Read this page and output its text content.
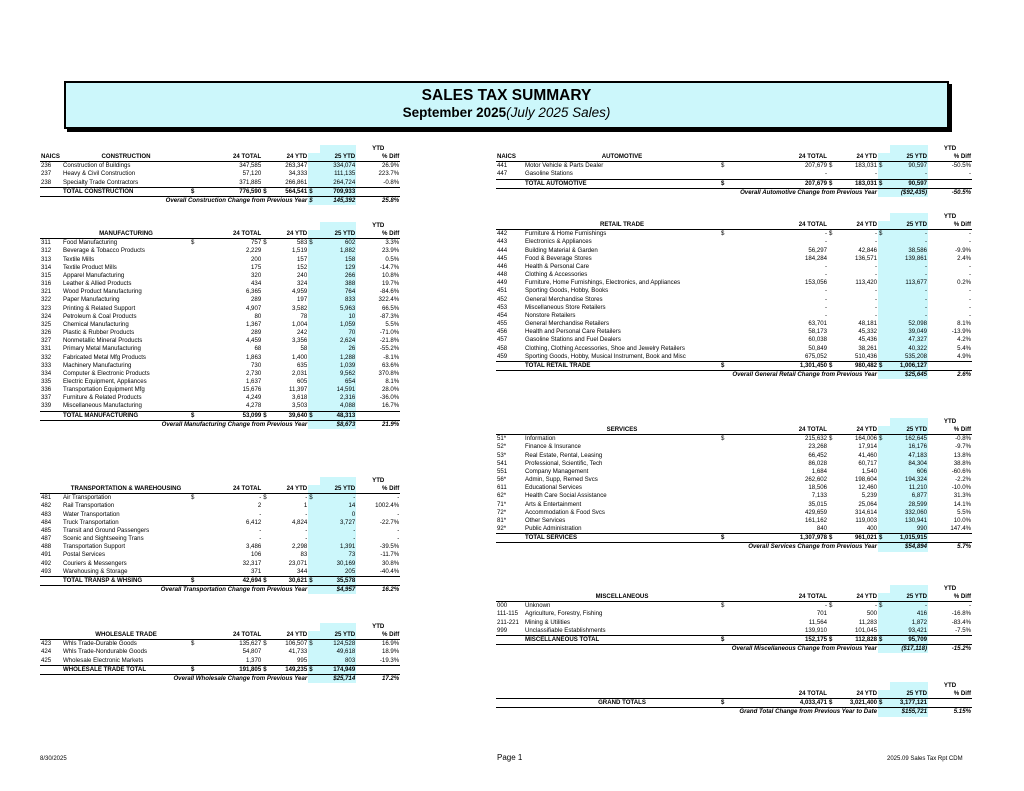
SALES TAX SUMMARY
September 2025(July 2025 Sales)
								YTD
NAICS	CONSTRUCTION		24 TOTAL		24 YTD		25 YTD	% Diff
236	Construction of Buildings		347,585		263,347		334,074	26.9%
237	Heavy & Civil Construction		57,120		34,333		111,135	223.7%
238	Specialty Trade Contractors		371,885		266,861		264,724	-0.8%
	TOTAL CONSTRUCTION	$	776,590	$	564,541	$	709,933	
	Overall Construction Change from Previous Year					$	145,392	25.8%
								YTD
	MANUFACTURING		24 TOTAL		24 YTD		25 YTD	% Diff
311	Food Manufacturing	$	757	$	583	$	602	3.3%
312	Beverage & Tobacco Products		2,229		1,519		1,882	23.9%
313	Textile Mills		200		157		158	0.5%
314	Textile Product Mills		175		152		129	-14.7%
315	Apparel Manufacturing		320		240		266	10.8%
316	Leather & Allied Products		434		324		388	19.7%
321	Wood Product Manufacturing		6,365		4,959		764	-84.6%
322	Paper Manufacturing		289		197		833	322.4%
323	Printing & Related Support		4,907		3,582		5,963	66.5%
324	Petroleum & Coal Products		80		78		10	-87.3%
325	Chemical Manufacturing		1,367		1,004		1,059	5.5%
326	Plastic & Rubber Products		289		242		70	-71.0%
327	Nonmetallic Mineral Products		4,459		3,356		2,624	-21.8%
331	Primary Metal Manufacturing		68		58		26	-55.2%
332	Fabricated Metal Mfg Products		1,863		1,400		1,288	-8.1%
333	Machinery Manufacturing		730		635		1,039	63.6%
334	Computer & Electronic Products		2,730		2,031		9,562	370.8%
335	Electric Equipment, Appliances		1,637		605		654	8.1%
336	Transportation Equipment Mfg		15,676		11,397		14,591	28.0%
337	Furniture & Related Products		4,249		3,618		2,316	-36.0%
339	Miscellaneous Manufacturing		4,278		3,503		4,088	16.7%
	TOTAL MANUFACTURING	$	53,099	$	39,640	$	48,313	
	Overall Manufacturing Change from Previous Year						$8,673	21.9%
								YTD
	TRANSPORTATION & WAREHOUSING		24 TOTAL		24 YTD		25 YTD	% Diff
481	Air Transportation	$	-	$	-	$	-	-
482	Rail Transportation		2		1		14	1002.4%
483	Water Transportation		-		-		0	-
484	Truck Transportation		6,412		4,824		3,727	-22.7%
485	Transit and Ground Passengers		-		-		-	-
487	Scenic and Sightseeing Trans		-		-		-	-
488	Transportation Support		3,486		2,298		1,391	-39.5%
491	Postal Services		106		83		73	-11.7%
492	Couriers & Messengers		32,317		23,071		30,169	30.8%
493	Warehousing & Storage		371		344		205	-40.4%
	TOTAL TRANSP & WHSING	$	42,694	$	30,621	$	35,578	
	Overall Transportation Change from Previous Year						$4,957	16.2%
								YTD
	WHOLESALE TRADE		24 TOTAL		24 YTD		25 YTD	% Diff
423	Whls Trade-Durable Goods	$	135,627	$	106,507	$	124,528	16.9%
424	Whls Trade-Nondurable Goods		54,807		41,733		49,618	18.9%
425	Wholesale Electronic Markets		1,370		995		803	-19.3%
	WHOLESALE TRADE TOTAL	$	191,805	$	149,235	$	174,949	
	Overall Wholesale Change from Previous Year						$25,714	17.2%
								YTD
NAICS	AUTOMOTIVE		24 TOTAL		24 YTD		25 YTD	% Diff
441	Motor Vehicle & Parts Dealer	$	207,679	$	183,031	$	90,597	-50.5%
447	Gasoline Stations		-		-		-	-
	TOTAL AUTOMOTIVE	$	207,679	$	183,031	$	90,597	
	Overall Automotive Change from Previous Year						($92,435)	-50.5%
								YTD
	RETAIL TRADE		24 TOTAL		24 YTD		25 YTD	% Diff
442	Furniture & Home Furnishings	$	-	$	-	$	-	-
443	Electronics & Appliances		-		-		-	-
444	Building Material & Garden		56,297		42,846		38,586	-9.9%
445	Food & Beverage Stores		184,284		136,571		139,861	2.4%
446	Health & Personal Care		-		-		-	-
448	Clothing & Accessories		-		-		-	-
449	Furniture, Home Furnishings, Electronics, and Appliances		153,056		113,420		113,677	0.2%
451	Sporting Goods, Hobby, Books		-		-		-	-
452	General Merchandise Stores		-		-		-	-
453	Miscellaneous Store Retailers		-		-		-	-
454	Nonstore Retailers		-		-		-	-
455	General Merchandise Retailers		63,701		48,181		52,098	8.1%
456	Health and Personal Care Retailers		58,173		45,332		39,049	-13.9%
457	Gasoline Stations and Fuel Dealers		60,038		45,436		47,327	4.2%
458	Clothing, Clothing Accessories, Shoe and Jewelry Retailers		50,849		38,261		40,322	5.4%
459	Sporting Goods, Hobby, Musical Instrument, Book and Misc		675,052		510,436		535,208	4.9%
	TOTAL RETAIL TRADE	$	1,301,450	$	980,482	$	1,006,127	
	Overall General Retail Change from Previous Year						$25,645	2.6%
								YTD
	SERVICES		24 TOTAL		24 YTD		25 YTD	% Diff
51*	Information	$	215,632	$	164,006	$	162,645	-0.8%
52*	Finance & Insurance		23,268		17,914		16,176	-9.7%
53*	Real Estate, Rental, Leasing		66,452		41,460		47,183	13.8%
541	Professional, Scientific, Tech		86,028		60,717		84,304	38.8%
551	Company Management		1,684		1,540		606	-60.6%
56*	Admin, Supp, Remed Svcs		262,602		198,604		194,324	-2.2%
611	Educational Services		18,506		12,460		11,210	-10.0%
62*	Health Care Social Assistance		7,133		5,239		6,877	31.3%
71*	Arts & Entertainment		35,015		25,064		28,599	14.1%
72*	Accommodation & Food Svcs		429,659		314,614		332,060	5.5%
81*	Other Services		161,162		119,003		130,941	10.0%
92*	Public Administration		840		400		990	147.4%
	TOTAL SERVICES	$	1,307,978	$	961,021	$	1,015,915	
	Overall Services Change from Previous Year						$54,894	5.7%
								YTD
	MISCELLANEOUS		24 TOTAL		24 YTD		25 YTD	% Diff
000	Unknown	$	-	$	-	$	-	-
111-115	Agriculture, Forestry, Fishing		701		500		416	-16.8%
211-221	Mining & Utilities		11,564		11,283		1,872	-83.4%
999	Unclassifiable Establishments		139,910		101,045		93,421	-7.5%
	MISCELLANEOUS TOTAL	$	152,175	$	112,828	$	95,709	
	Overall Miscellaneous Change from Previous Year						($17,118)	-15.2%
								YTD
			24 TOTAL		24 YTD		25 YTD	% Diff
	GRAND TOTALS	$	4,033,471	$	3,021,400	$	3,177,121	
	Grand Total Change from Previous Year to Date						$155,721	5.15%
8/30/2025	Page 1	2025.09 Sales Tax Rpt CDM
